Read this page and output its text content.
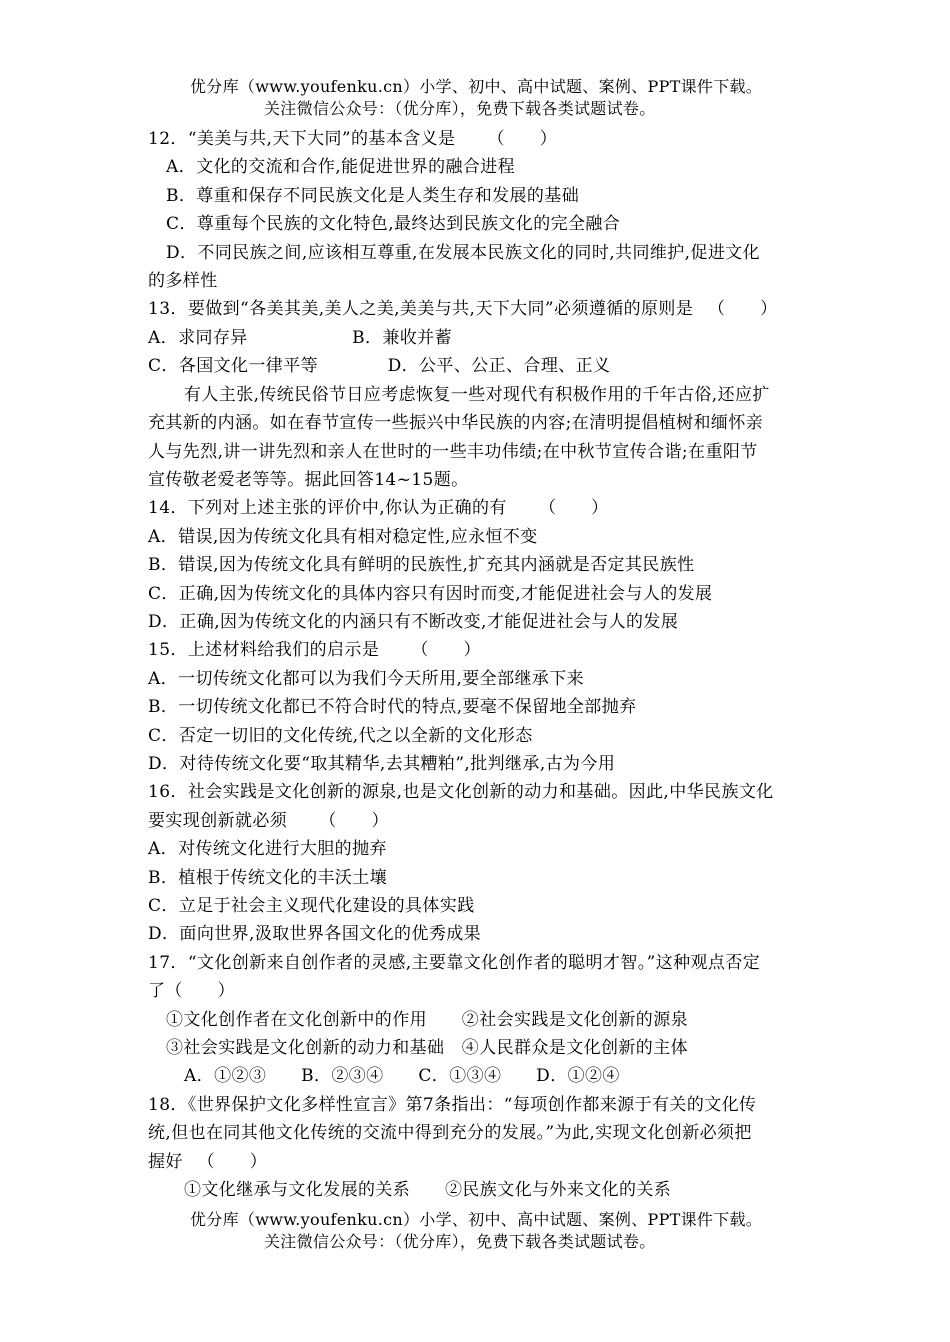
优分库（www.youfenku.cn）小学、初中、高中试题、案例、PPT课件下载。
关注微信公众号：（优分库），免费下载各类试题试卷。
12．“美美与共,天下大同”的基本含义是 　　（　　）
A．文化的交流和合作,能促进世界的融合进程
B．尊重和保存不同民族文化是人类生存和发展的基础
C．尊重每个民族的文化特色,最终达到民族文化的完全融合
D．不同民族之间,应该相互尊重,在发展本民族文化的同时,共同维护,促进文化
的多样性
13．要做到“各美其美,美人之美,美美与共,天下大同”必须遵循的原则是 　（　　）
A．求同存异　　　　　　B．兼收并蓄
C．各国文化一律平等　　　　D．公平、公正、合理、正义
有人主张,传统民俗节日应考虑恢复一些对现代有积极作用的千年古俗,还应扩
充其新的内涵。如在春节宣传一些振兴中华民族的内容;在清明提倡植树和缅怀亲
人与先烈,讲一讲先烈和亲人在世时的一些丰功伟绩;在中秋节宣传合谐;在重阳节
宣传敬老爱老等等。据此回答14~15题。
14．下列对上述主张的评价中,你认为正确的有 　　（　　）
A．错误,因为传统文化具有相对稳定性,应永恒不变
B．错误,因为传统文化具有鲜明的民族性,扩充其内涵就是否定其民族性
C．正确,因为传统文化的具体内容只有因时而变,才能促进社会与人的发展
D．正确,因为传统文化的内涵只有不断改变,才能促进社会与人的发展
15．上述材料给我们的启示是 　　（　　）
A．一切传统文化都可以为我们今天所用,要全部继承下来
B．一切传统文化都已不符合时代的特点,要毫不保留地全部抛弃
C．否定一切旧的文化传统,代之以全新的文化形态
D．对待传统文化要“取其精华,去其糟粕”,批判继承,古为今用
16．社会实践是文化创新的源泉,也是文化创新的动力和基础。因此,中华民族文化
要实现创新就必须 　　（　　）
A．对传统文化进行大胆的抛弃
B．植根于传统文化的丰沃土壤
C．立足于社会主义现代化建设的具体实践
D．面向世界,汲取世界各国文化的优秀成果
17．“文化创新来自创作者的灵感,主要靠文化创作者的聪明才智。”这种观点否定
了（　　）
①文化创作者在文化创新中的作用　　②社会实践是文化创新的源泉
③社会实践是文化创新的动力和基础　④人民群众是文化创新的主体
A．①②③　　B．②③④　　C．①③④　　D．①②④
18．《世界保护文化多样性宣言》第7条指出：“每项创作都来源于有关的文化传
统,但也在同其他文化传统的交流中得到充分的发展。”为此,实现文化创新必须把
握好 　（　　）
①文化继承与文化发展的关系　　②民族文化与外来文化的关系
优分库（www.youfenku.cn）小学、初中、高中试题、案例、PPT课件下载。
关注微信公众号：（优分库），免费下载各类试题试卷。
